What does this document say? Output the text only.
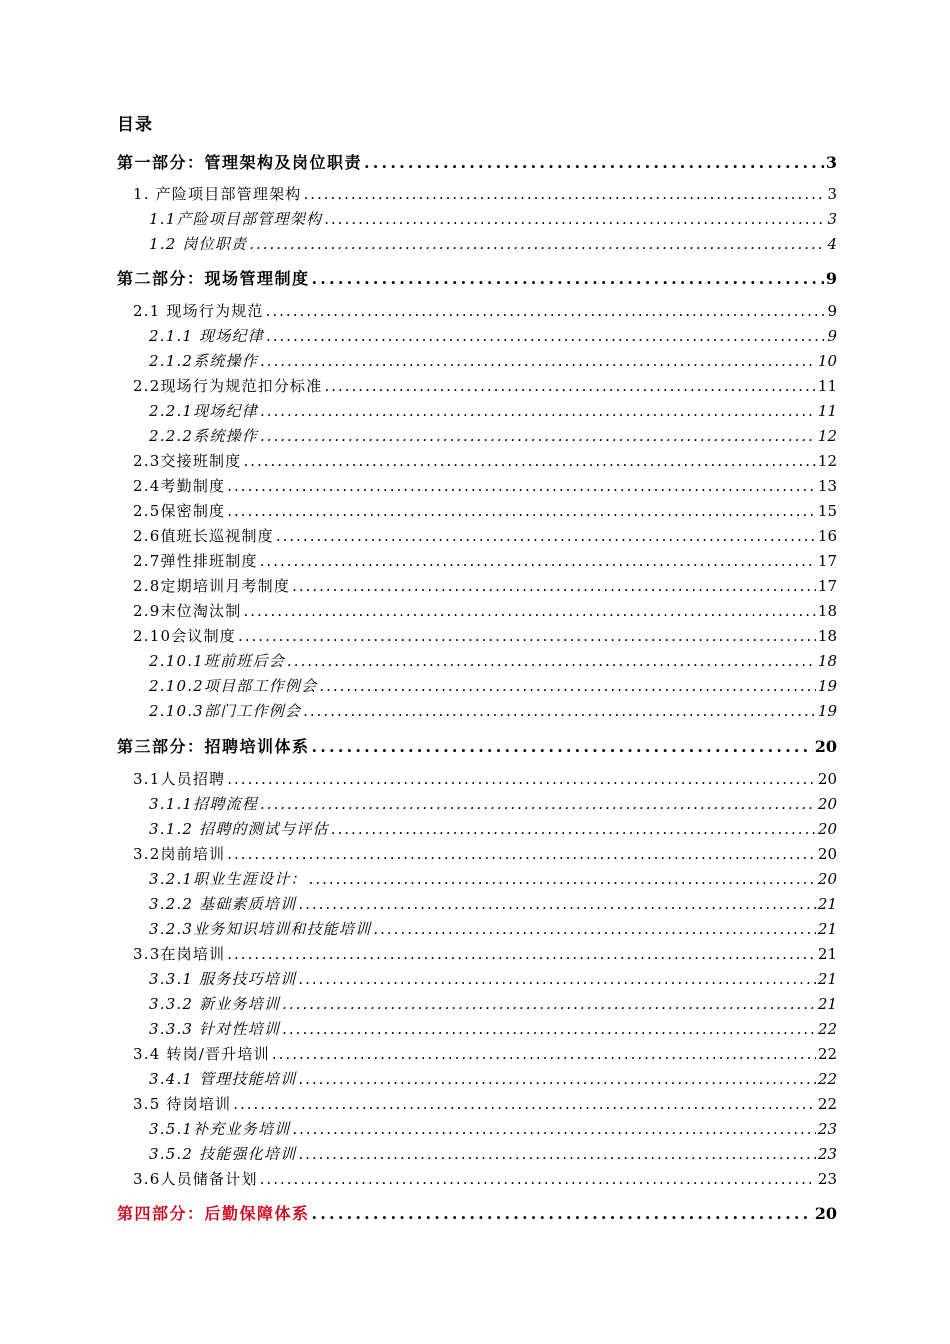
目录
第一部分：管理架构及岗位职责 .....	3
1. 产险项目部管理架构 .....	3
1.1产险项目部管理架构 .....	3
1.2 岗位职责 .....	4
第二部分：现场管理制度 .....	9
2.1 现场行为规范 .....	9
2.1.1 现场纪律 .....	9
2.1.2系统操作 .....	10
2.2现场行为规范扣分标准 .....	11
2.2.1现场纪律 .....	11
2.2.2系统操作 .....	12
2.3交接班制度 .....	12
2.4考勤制度 .....	13
2.5保密制度 .....	15
2.6值班长巡视制度 .....	16
2.7弹性排班制度 .....	17
2.8定期培训月考制度 .....	17
2.9末位淘汰制 .....	18
2.10会议制度 .....	18
2.10.1班前班后会 .....	18
2.10.2项目部工作例会 .....	19
2.10.3部门工作例会 .....	19
第三部分：招聘培训体系 .....	20
3.1人员招聘 .....	20
3.1.1招聘流程 .....	20
3.1.2 招聘的测试与评估 .....	20
3.2岗前培训 .....	20
3.2.1职业生涯设计： .....	20
3.2.2 基础素质培训 .....	21
3.2.3业务知识培训和技能培训 .....	21
3.3在岗培训 .....	21
3.3.1 服务技巧培训 .....	21
3.3.2 新业务培训 .....	21
3.3.3 针对性培训 .....	22
3.4 转岗/晋升培训 .....	22
3.4.1 管理技能培训 .....	22
3.5 待岗培训 .....	22
3.5.1补充业务培训 .....	23
3.5.2 技能强化培训 .....	23
3.6人员储备计划 .....	23
第四部分：后勤保障体系 .....	20
